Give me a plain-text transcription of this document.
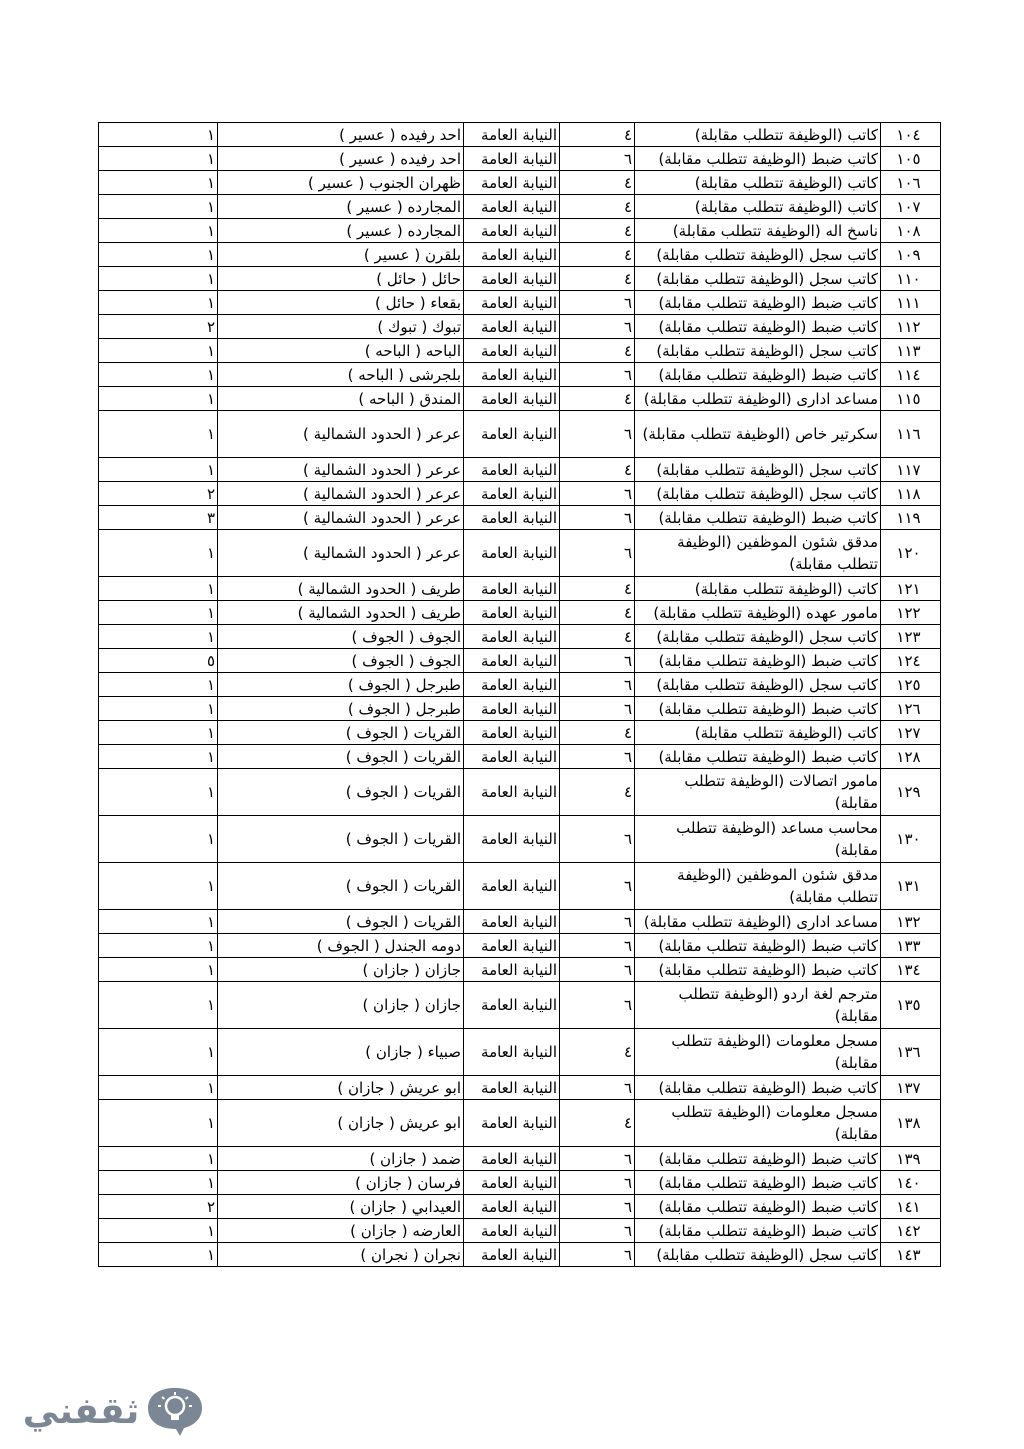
١٠٤	كاتب (الوظيفة تتطلب مقابلة)	٤	النيابة العامة	احد رفيده ( عسير )	١
١٠٥	كاتب ضبط (الوظيفة تتطلب مقابلة)	٦	النيابة العامة	احد رفيده ( عسير )	١
١٠٦	كاتب (الوظيفة تتطلب مقابلة)	٤	النيابة العامة	ظهران الجنوب ( عسير )	١
١٠٧	كاتب (الوظيفة تتطلب مقابلة)	٤	النيابة العامة	المجارده ( عسير )	١
١٠٨	ناسخ اله (الوظيفة تتطلب مقابلة)	٤	النيابة العامة	المجارده ( عسير )	١
١٠٩	كاتب سجل (الوظيفة تتطلب مقابلة)	٤	النيابة العامة	بلقرن ( عسير )	١
١١٠	كاتب سجل (الوظيفة تتطلب مقابلة)	٤	النيابة العامة	حائل ( حائل )	١
١١١	كاتب ضبط (الوظيفة تتطلب مقابلة)	٦	النيابة العامة	بقعاء ( حائل )	١
١١٢	كاتب ضبط (الوظيفة تتطلب مقابلة)	٦	النيابة العامة	تبوك ( تبوك )	٢
١١٣	كاتب سجل (الوظيفة تتطلب مقابلة)	٤	النيابة العامة	الباحه ( الباحه )	١
١١٤	كاتب ضبط (الوظيفة تتطلب مقابلة)	٦	النيابة العامة	بلجرشى ( الباحه )	١
١١٥	مساعد ادارى (الوظيفة تتطلب مقابلة)	٤	النيابة العامة	المندق ( الباحه )	١
١١٦	سكرتير خاص (الوظيفة تتطلب مقابلة)	٦	النيابة العامة	عرعر ( الحدود الشمالية )	١
١١٧	كاتب سجل (الوظيفة تتطلب مقابلة)	٤	النيابة العامة	عرعر ( الحدود الشمالية )	١
١١٨	كاتب سجل (الوظيفة تتطلب مقابلة)	٦	النيابة العامة	عرعر ( الحدود الشمالية )	٢
١١٩	كاتب ضبط (الوظيفة تتطلب مقابلة)	٦	النيابة العامة	عرعر ( الحدود الشمالية )	٣
١٢٠	مدقق شئون الموظفين (الوظيفة تتطلب مقابلة)	٦	النيابة العامة	عرعر ( الحدود الشمالية )	١
١٢١	كاتب (الوظيفة تتطلب مقابلة)	٤	النيابة العامة	طريف ( الحدود الشمالية )	١
١٢٢	مامور عهده (الوظيفة تتطلب مقابلة)	٤	النيابة العامة	طريف ( الحدود الشمالية )	١
١٢٣	كاتب سجل (الوظيفة تتطلب مقابلة)	٤	النيابة العامة	الجوف ( الجوف )	١
١٢٤	كاتب ضبط (الوظيفة تتطلب مقابلة)	٦	النيابة العامة	الجوف ( الجوف )	٥
١٢٥	كاتب سجل (الوظيفة تتطلب مقابلة)	٦	النيابة العامة	طبرجل ( الجوف )	١
١٢٦	كاتب ضبط (الوظيفة تتطلب مقابلة)	٦	النيابة العامة	طبرجل ( الجوف )	١
١٢٧	كاتب (الوظيفة تتطلب مقابلة)	٤	النيابة العامة	القريات ( الجوف )	١
١٢٨	كاتب ضبط (الوظيفة تتطلب مقابلة)	٦	النيابة العامة	القريات ( الجوف )	١
١٢٩	مامور اتصالات (الوظيفة تتطلب مقابلة)	٤	النيابة العامة	القريات ( الجوف )	١
١٣٠	محاسب مساعد (الوظيفة تتطلب مقابلة)	٦	النيابة العامة	القريات ( الجوف )	١
١٣١	مدقق شئون الموظفين (الوظيفة تتطلب مقابلة)	٦	النيابة العامة	القريات ( الجوف )	١
١٣٢	مساعد ادارى (الوظيفة تتطلب مقابلة)	٦	النيابة العامة	القريات ( الجوف )	١
١٣٣	كاتب ضبط (الوظيفة تتطلب مقابلة)	٦	النيابة العامة	دومه الجندل ( الجوف )	١
١٣٤	كاتب ضبط (الوظيفة تتطلب مقابلة)	٦	النيابة العامة	جازان ( جازان )	١
١٣٥	مترجم لغة اردو (الوظيفة تتطلب مقابلة)	٦	النيابة العامة	جازان ( جازان )	١
١٣٦	مسجل معلومات (الوظيفة تتطلب مقابلة)	٤	النيابة العامة	صبياء ( جازان )	١
١٣٧	كاتب ضبط (الوظيفة تتطلب مقابلة)	٦	النيابة العامة	ابو عريش ( جازان )	١
١٣٨	مسجل معلومات (الوظيفة تتطلب مقابلة)	٤	النيابة العامة	ابو عريش ( جازان )	١
١٣٩	كاتب ضبط (الوظيفة تتطلب مقابلة)	٦	النيابة العامة	ضمد ( جازان )	١
١٤٠	كاتب ضبط (الوظيفة تتطلب مقابلة)	٦	النيابة العامة	فرسان ( جازان )	١
١٤١	كاتب ضبط (الوظيفة تتطلب مقابلة)	٦	النيابة العامة	العيدابي ( جازان )	٢
١٤٢	كاتب ضبط (الوظيفة تتطلب مقابلة)	٦	النيابة العامة	العارضه ( جازان )	١
١٤٣	كاتب سجل (الوظيفة تتطلب مقابلة)	٦	النيابة العامة	نجران ( نجران )	١
ثقفني
